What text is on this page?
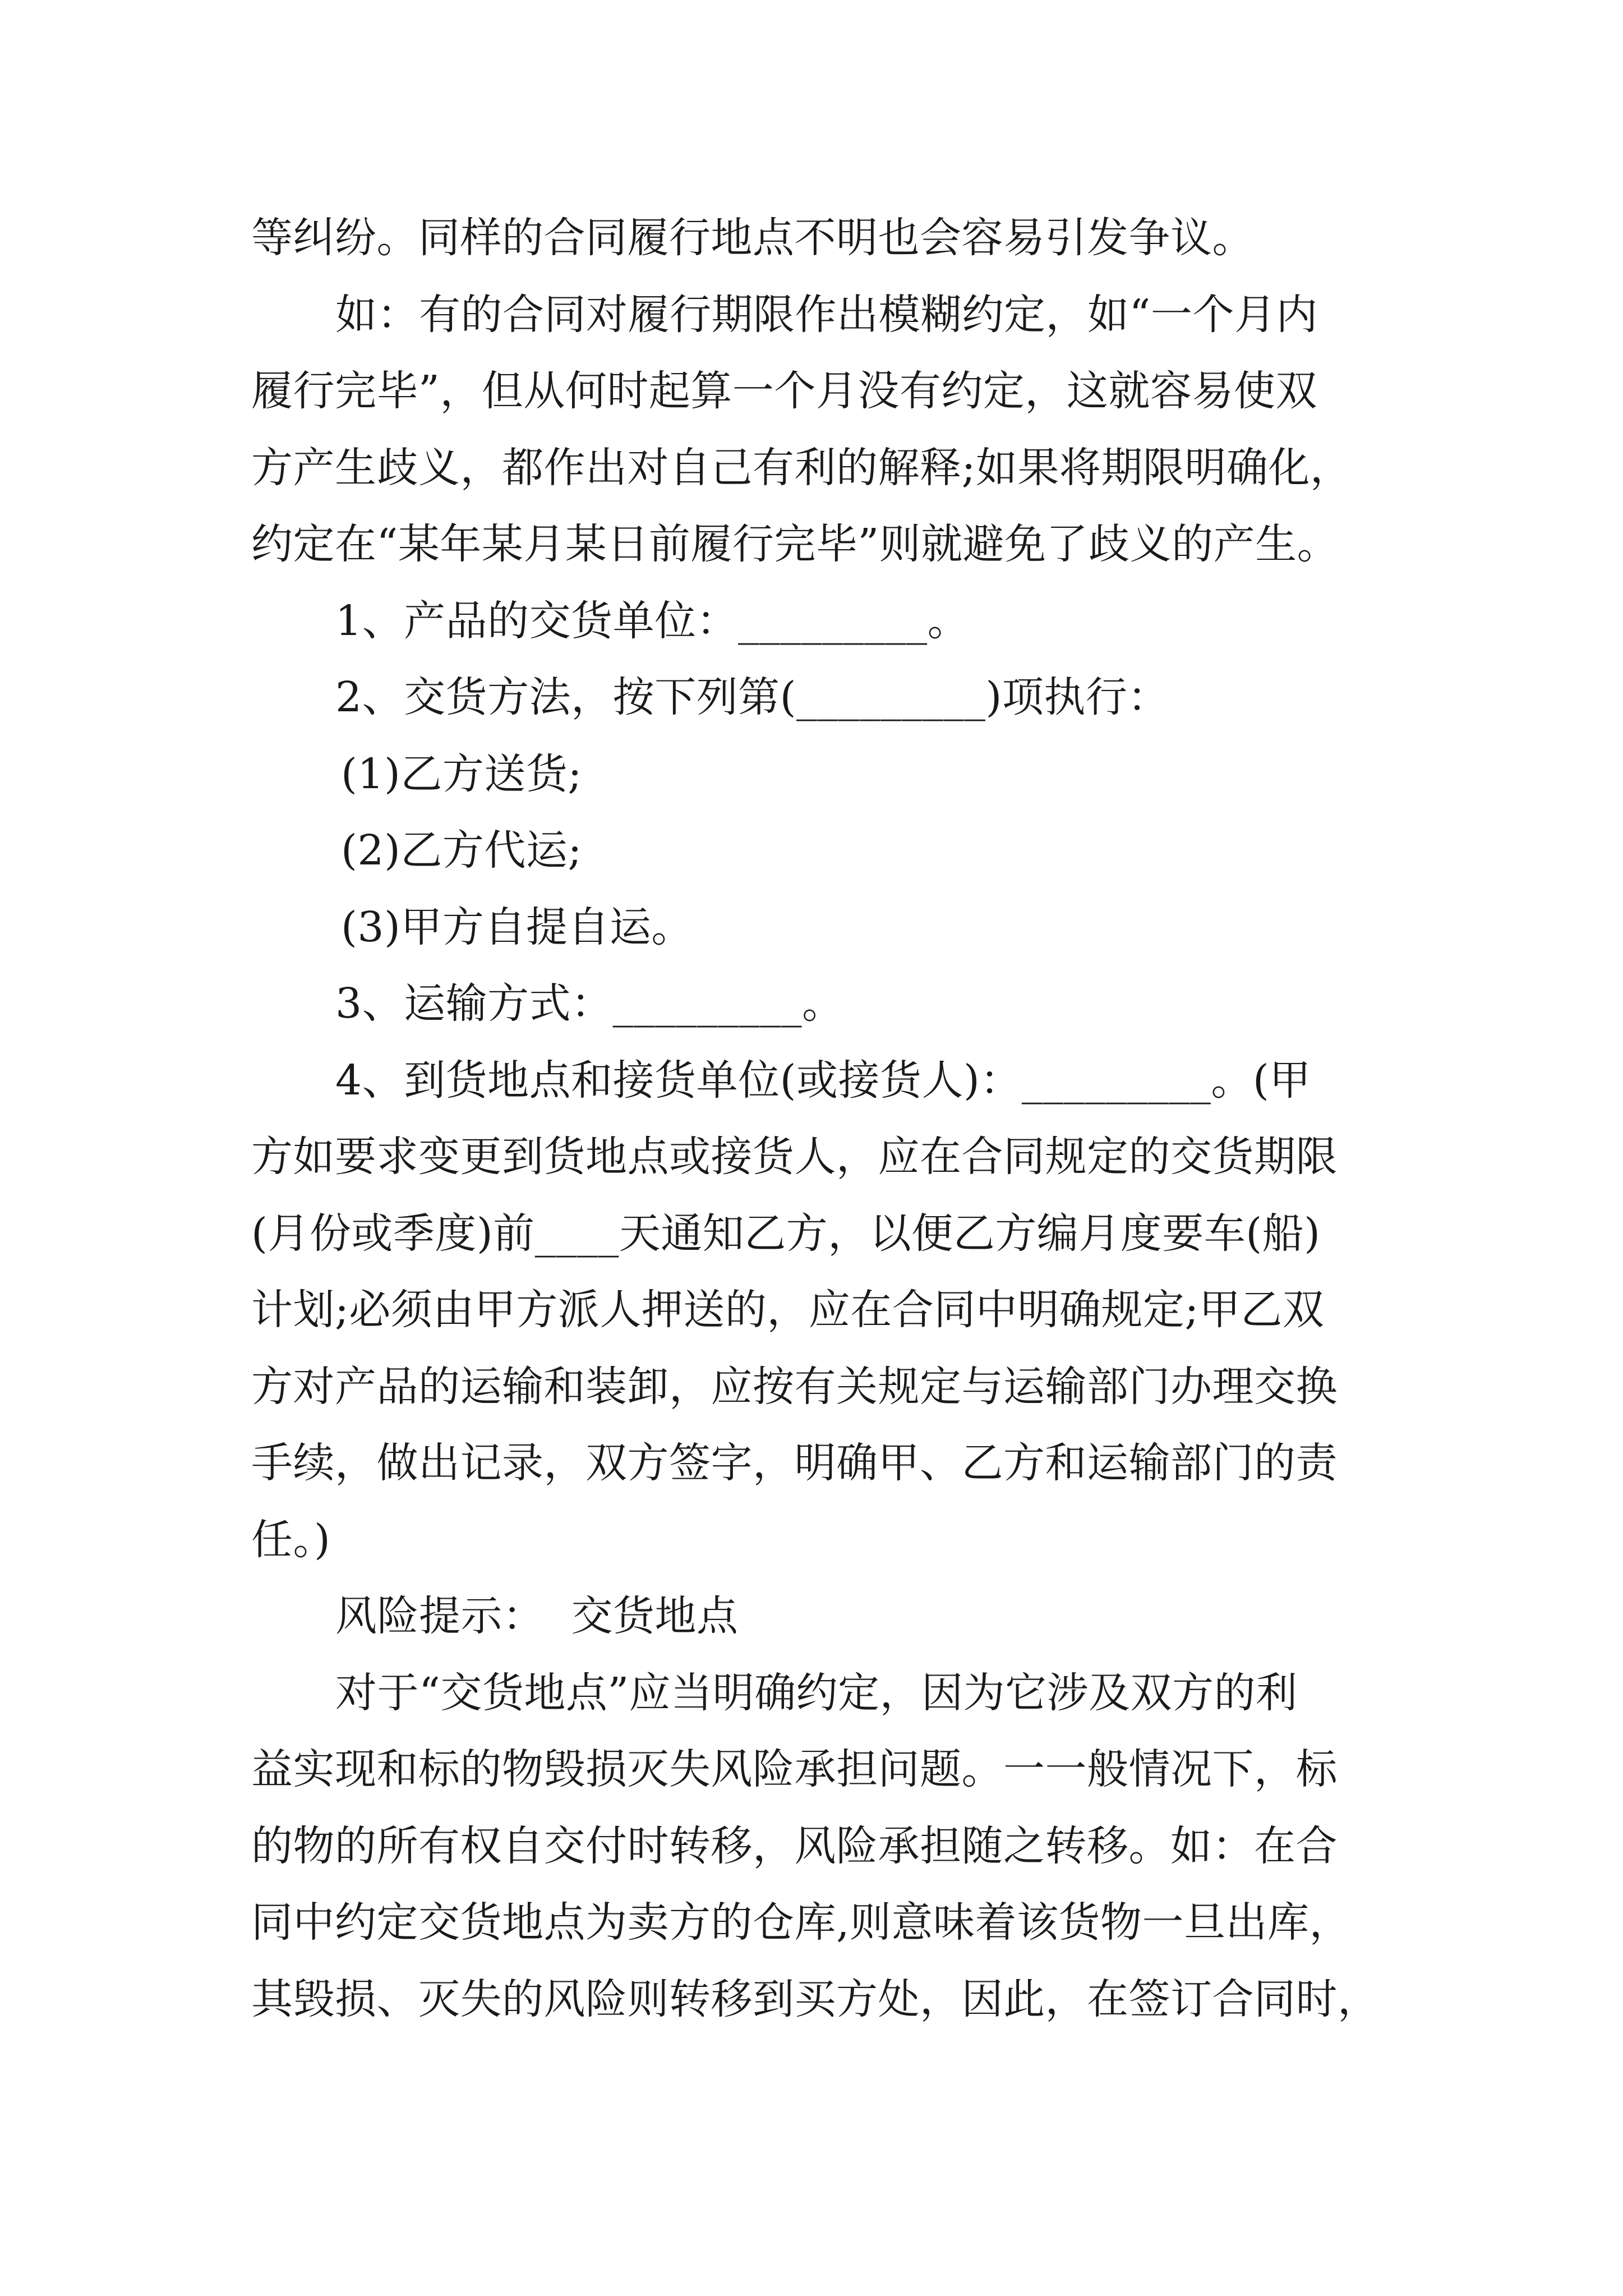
等纠纷。同样的合同履行地点不明也会容易引发争议。
如：有的合同对履行期限作出模糊约定，如“一个月内
履行完毕”，但从何时起算一个月没有约定，这就容易使双
方产生歧义，都作出对自己有利的解释;如果将期限明确化，
约定在“某年某月某日前履行完毕”则就避免了歧义的产生。
1、产品的交货单位：_________。
2、交货方法，按下列第(_________)项执行：
(1)乙方送货;
(2)乙方代运;
(3)甲方自提自运。
3、运输方式：_________。
4、到货地点和接货单位(或接货人)：_________。(甲
方如要求变更到货地点或接货人，应在合同规定的交货期限
(月份或季度)前____天通知乙方，以便乙方编月度要车(船)
计划;必须由甲方派人押送的，应在合同中明确规定;甲乙双
方对产品的运输和装卸，应按有关规定与运输部门办理交换
手续，做出记录，双方签字，明确甲、乙方和运输部门的责
任。)
风险提示：  交货地点
对于“交货地点”应当明确约定，因为它涉及双方的利
益实现和标的物毁损灭失风险承担问题。一一般情况下，标
的物的所有权自交付时转移，风险承担随之转移。如：在合
同中约定交货地点为卖方的仓库,则意味着该货物一旦出库，
其毁损、灭失的风险则转移到买方处，因此，在签订合同时，
